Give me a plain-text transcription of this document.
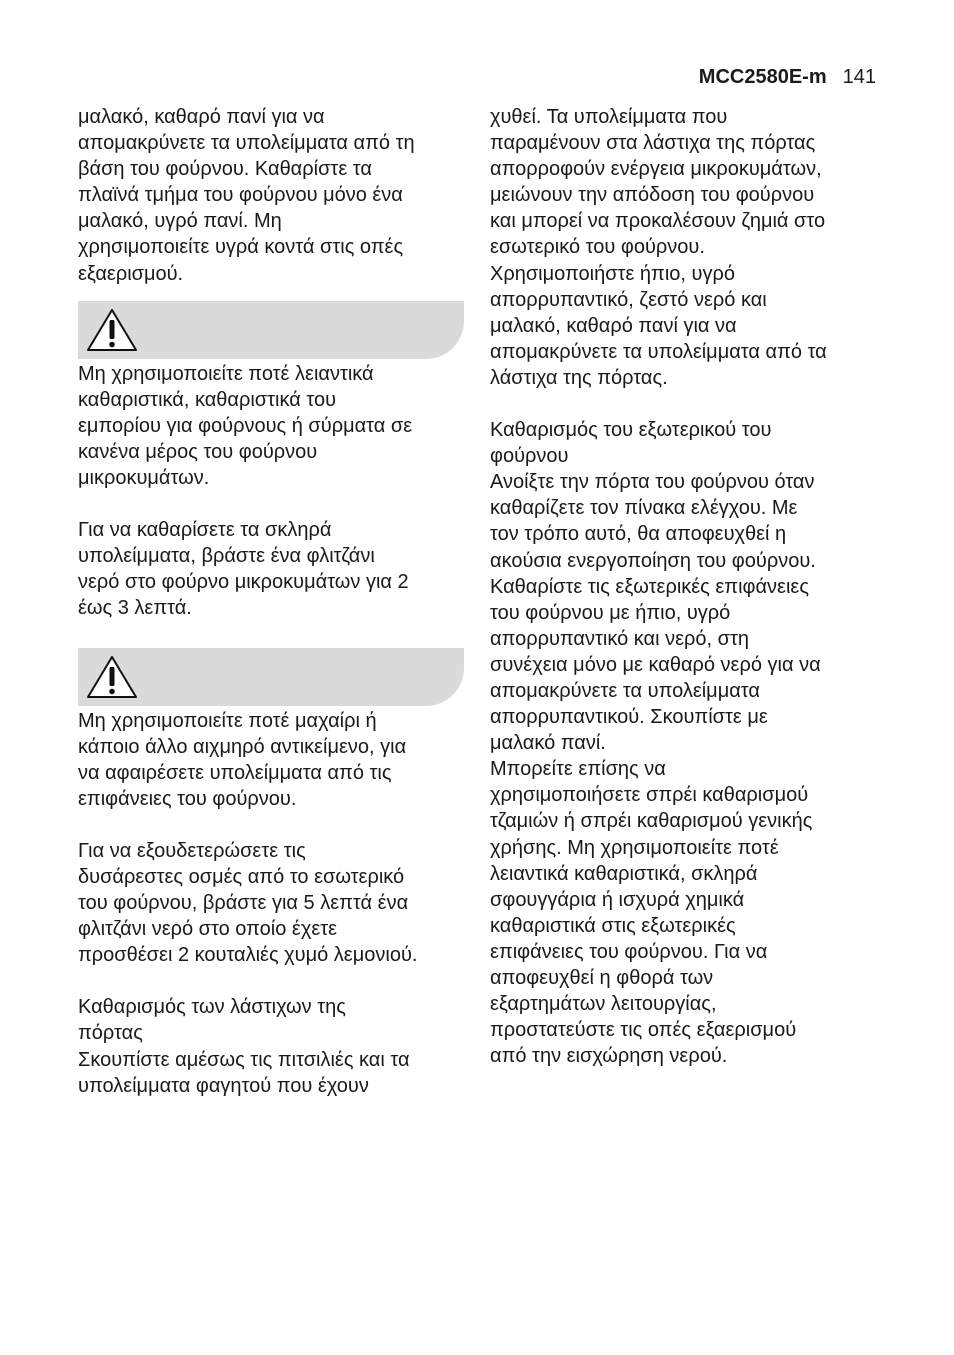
MCC2580E-m 141

μαλακό, καθαρό πανί για να
απομακρύνετε τα υπολείμματα από τη
βάση του φούρνου. Καθαρίστε τα
πλαϊνά τμήμα του φούρνου μόνο ένα
μαλακό, υγρό πανί. Μη
χρησιμοποιείτε υγρά κοντά στις οπές
εξαερισμού.

Μη χρησιμοποιείτε ποτέ λειαντικά
καθαριστικά, καθαριστικά του
εμπορίου για φούρνους ή σύρματα σε
κανένα μέρος του φούρνου
μικροκυμάτων.

Για να καθαρίσετε τα σκληρά
υπολείμματα, βράστε ένα φλιτζάνι
νερό στο φούρνο μικροκυμάτων για 2
έως 3 λεπτά.

Μη χρησιμοποιείτε ποτέ μαχαίρι ή
κάποιο άλλο αιχμηρό αντικείμενο, για
να αφαιρέσετε υπολείμματα από τις
επιφάνειες του φούρνου.

Για να εξουδετερώσετε τις
δυσάρεστες οσμές από το εσωτερικό
του φούρνου, βράστε για 5 λεπτά ένα
φλιτζάνι νερό στο οποίο έχετε
προσθέσει 2 κουταλιές χυμό λεμονιού.

Καθαρισμός των λάστιχων της
πόρτας

Σκουπίστε αμέσως τις πιτσιλιές και τα
υπολείμματα φαγητού που έχουν

χυθεί. Τα υπολείμματα που
παραμένουν στα λάστιχα της πόρτας
απορροφούν ενέργεια μικροκυμάτων,
μειώνουν την απόδοση του φούρνου
και μπορεί να προκαλέσουν ζημιά στο
εσωτερικό του φούρνου.
Χρησιμοποιήστε ήπιο, υγρό
απορρυπαντικό, ζεστό νερό και
μαλακό, καθαρό πανί για να
απομακρύνετε τα υπολείμματα από τα
λάστιχα της πόρτας.

Καθαρισμός του εξωτερικού του
φούρνου

Ανοίξτε την πόρτα του φούρνου όταν
καθαρίζετε τον πίνακα ελέγχου. Με
τον τρόπο αυτό, θα αποφευχθεί η
ακούσια ενεργοποίηση του φούρνου.
Καθαρίστε τις εξωτερικές επιφάνειες
του φούρνου με ήπιο, υγρό
απορρυπαντικό και νερό, στη
συνέχεια μόνο με καθαρό νερό για να
απομακρύνετε τα υπολείμματα
απορρυπαντικού. Σκουπίστε με
μαλακό πανί.

Μπορείτε επίσης να
χρησιμοποιήσετε σπρέι καθαρισμού
τζαμιών ή σπρέι καθαρισμού γενικής
χρήσης. Μη χρησιμοποιείτε ποτέ
λειαντικά καθαριστικά, σκληρά
σφουγγάρια ή ισχυρά χημικά
καθαριστικά στις εξωτερικές
επιφάνειες του φούρνου. Για να
αποφευχθεί η φθορά των
εξαρτημάτων λειτουργίας,
προστατεύστε τις οπές εξαερισμού
από την εισχώρηση νερού.
